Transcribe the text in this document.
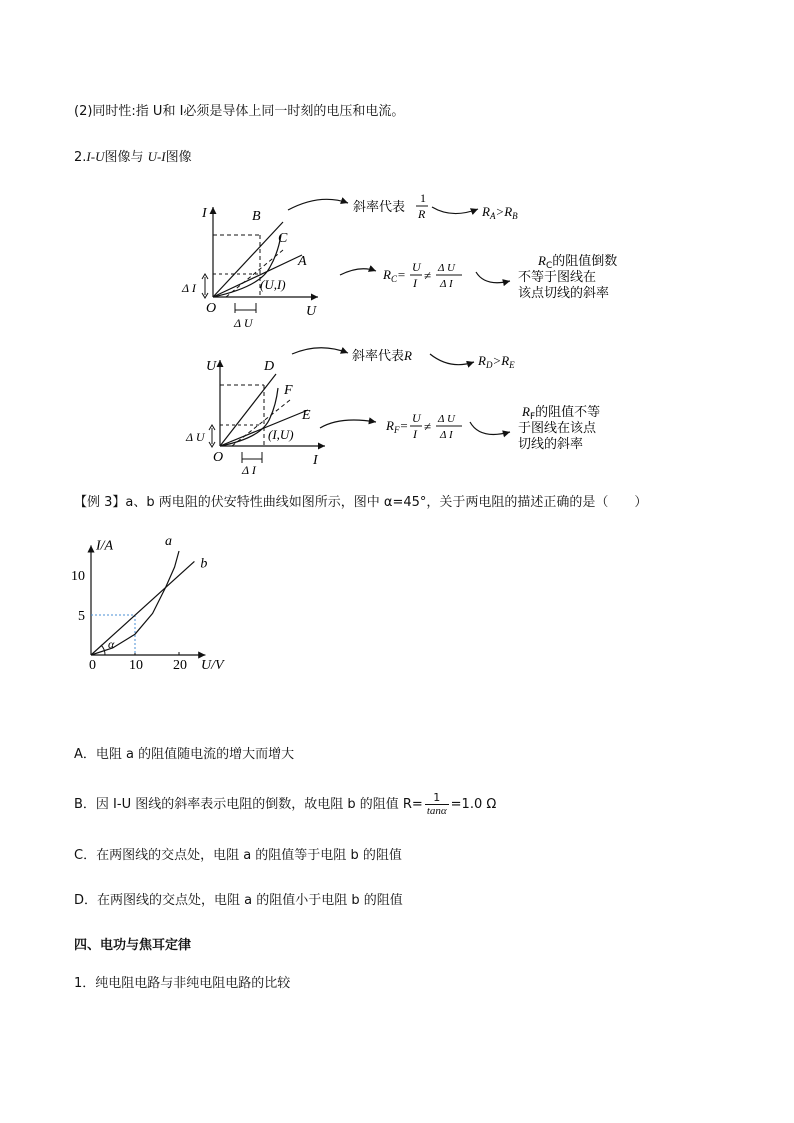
(2)同时性:指 U和 I必须是导体上同一时刻的电压和电流。
2.I-U图像与 U-I图像
I
U
O
B
C
A
(U,I)
Δ I
Δ U
斜率代表
1
R	$R_A>R_B$
$R_C= U$
I ≠ Δ U
Δ I
$R_C$的阻值倒数
不等于图线在
该点切线的斜率
U
I
O
D
F
E
(I,U)
Δ U
Δ I
斜率代表R	$R_D>R_E$
$R_F= U$
I ≠ Δ U
Δ I
$R_F$的阻值不等
于图线在该点
切线的斜率
【例 3】a、b 两电阻的伏安特性曲线如图所示，图中 α=45°，关于两电阻的描述正确的是（　　）
I/A
U/V
0 10 20
5
10
a
b
α
A．电阻 a 的阻值随电流的增大而增大
B．因 I-U 图线的斜率表示电阻的倒数，故电阻 b 的阻值 $R= \frac{1}{\tan\alpha} =1.0$ Ω
C．在两图线的交点处，电阻 a 的阻值等于电阻 b 的阻值
D．在两图线的交点处，电阻 a 的阻值小于电阻 b 的阻值
四、电功与焦耳定律
1．纯电阻电路与非纯电阻电路的比较
